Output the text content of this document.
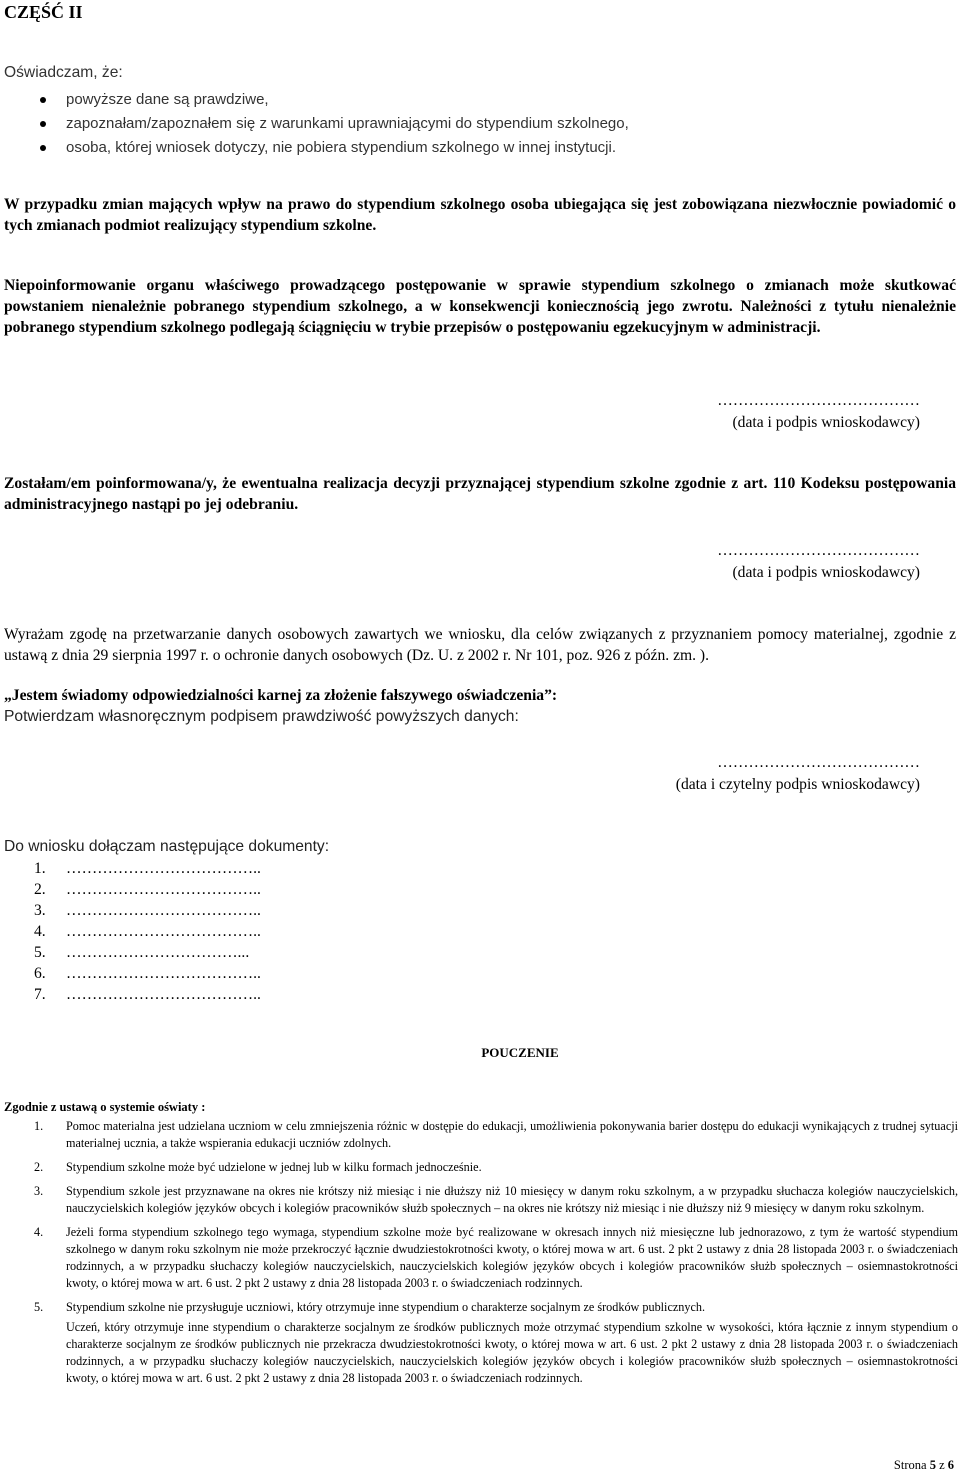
CZĘŚĆ II
Oświadczam, że:
powyższe dane są prawdziwe,
zapoznałam/zapoznałem się z warunkami uprawniającymi do stypendium szkolnego,
osoba, której wniosek dotyczy, nie pobiera stypendium szkolnego w innej instytucji.
W przypadku zmian mających wpływ na prawo do stypendium szkolnego osoba ubiegająca się jest zobowiązana niezwłocznie powiadomić o tych zmianach podmiot realizujący stypendium szkolne.
Niepoinformowanie organu właściwego prowadzącego postępowanie w sprawie stypendium szkolnego o zmianach może skutkować powstaniem nienależnie pobranego stypendium szkolnego, a w konsekwencji koniecznością jego zwrotu. Należności z tytułu nienależnie pobranego stypendium szkolnego podlegają ściągnięciu w trybie przepisów o postępowaniu egzekucyjnym w administracji.
…………………………………
(data i podpis wnioskodawcy)
Zostałam/em poinformowana/y, że ewentualna realizacja decyzji przyznającej stypendium szkolne zgodnie z art. 110 Kodeksu postępowania administracyjnego nastąpi po jej odebraniu.
…………………………………
(data i podpis wnioskodawcy)
Wyrażam zgodę na przetwarzanie danych osobowych zawartych we wniosku, dla celów związanych z przyznaniem pomocy materialnej, zgodnie z ustawą z dnia 29 sierpnia 1997 r. o ochronie danych osobowych (Dz. U. z 2002 r. Nr 101, poz. 926 z późn. zm. ).
„Jestem świadomy odpowiedzialności karnej za złożenie fałszywego oświadczenia”:
Potwierdzam własnoręcznym podpisem prawdziwość powyższych danych:
…………………………………
(data i czytelny podpis wnioskodawcy)
Do wniosku dołączam następujące dokumenty:
1. ………………………………..
2. ………………………………..
3. ………………………………..
4. ………………………………..
5. ……………………………...
6. ………………………………..
7. ………………………………..
POUCZENIE
Zgodnie z ustawą o systemie oświaty :
1. Pomoc materialna jest udzielana uczniom w celu zmniejszenia różnic w dostępie do edukacji, umożliwienia pokonywania barier dostępu do edukacji wynikających z trudnej sytuacji materialnej ucznia, a także wspierania edukacji uczniów zdolnych.
2. Stypendium szkolne może być udzielone w jednej lub w kilku formach jednocześnie.
3. Stypendium szkole jest przyznawane na okres nie krótszy niż miesiąc i nie dłuższy niż 10 miesięcy w danym roku szkolnym, a w przypadku słuchacza kolegiów nauczycielskich, nauczycielskich kolegiów języków obcych i kolegiów pracowników służb społecznych – na okres nie krótszy niż miesiąc i nie dłuższy niż 9 miesięcy w danym roku szkolnym.
4. Jeżeli forma stypendium szkolnego tego wymaga, stypendium szkolne może być realizowane w okresach innych niż miesięczne lub jednorazowo, z tym że wartość stypendium szkolnego w danym roku szkolnym nie może przekroczyć łącznie dwudziestokrotności kwoty, o której mowa w art. 6 ust. 2 pkt 2 ustawy z dnia 28 listopada 2003 r. o świadczeniach rodzinnych, a w przypadku słuchaczy kolegiów nauczycielskich, nauczycielskich kolegiów języków obcych i kolegiów pracowników służb społecznych – osiemnastokrotności kwoty, o której mowa w art. 6 ust. 2 pkt 2 ustawy z dnia 28 listopada 2003 r. o świadczeniach rodzinnych.
5. Stypendium szkolne nie przysługuje uczniowi, który otrzymuje inne stypendium o charakterze socjalnym ze środków publicznych.
Uczeń, który otrzymuje inne stypendium o charakterze socjalnym ze środków publicznych może otrzymać stypendium szkolne w wysokości, która łącznie z innym stypendium o charakterze socjalnym ze środków publicznych nie przekracza dwudziestokrotności kwoty, o której mowa w art. 6 ust. 2 pkt 2 ustawy z dnia 28 listopada 2003 r. o świadczeniach rodzinnych, a w przypadku słuchaczy kolegiów nauczycielskich, nauczycielskich kolegiów języków obcych i kolegiów pracowników służb społecznych – osiemnastokrotności kwoty, o której mowa w art. 6 ust. 2 pkt 2 ustawy z dnia 28 listopada 2003 r. o świadczeniach rodzinnych.
Strona 5 z 6
